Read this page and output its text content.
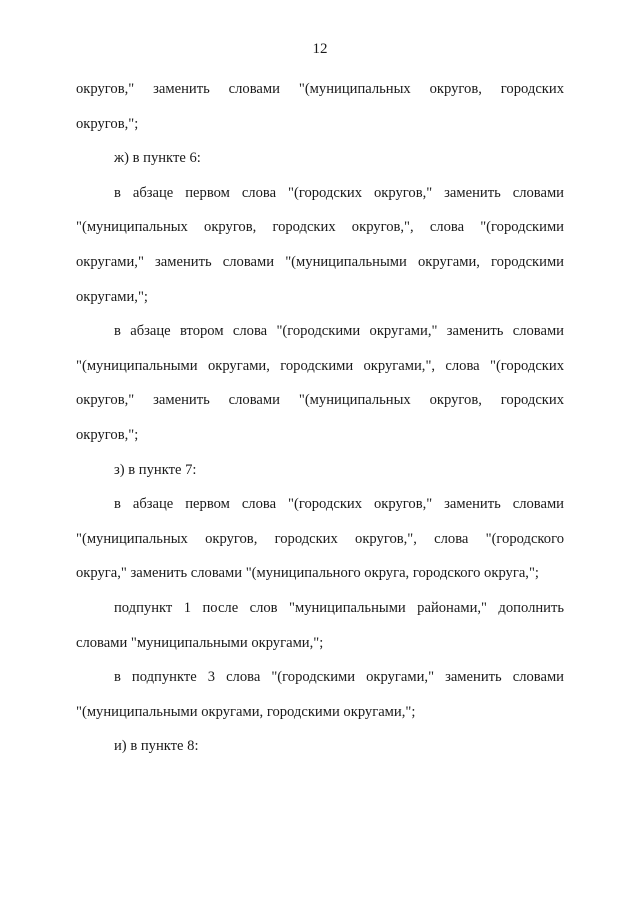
12
округов," заменить словами "(муниципальных округов, городских
округов,";
ж) в пункте 6:
в абзаце первом слова "(городских округов," заменить словами
"(муниципальных округов, городских округов,", слова "(городскими
округами," заменить словами "(муниципальными округами, городскими
округами,";
в абзаце втором слова "(городскими округами," заменить словами
"(муниципальными округами, городскими округами,", слова "(городских
округов," заменить словами "(муниципальных округов, городских
округов,";
з) в пункте 7:
в абзаце первом слова "(городских округов," заменить словами
"(муниципальных округов, городских округов,", слова "(городского
округа," заменить словами "(муниципального округа, городского округа,";
подпункт 1 после слов "муниципальными районами," дополнить
словами "муниципальными округами,";
в подпункте 3 слова "(городскими округами," заменить словами
"(муниципальными округами, городскими округами,";
и) в пункте 8:
